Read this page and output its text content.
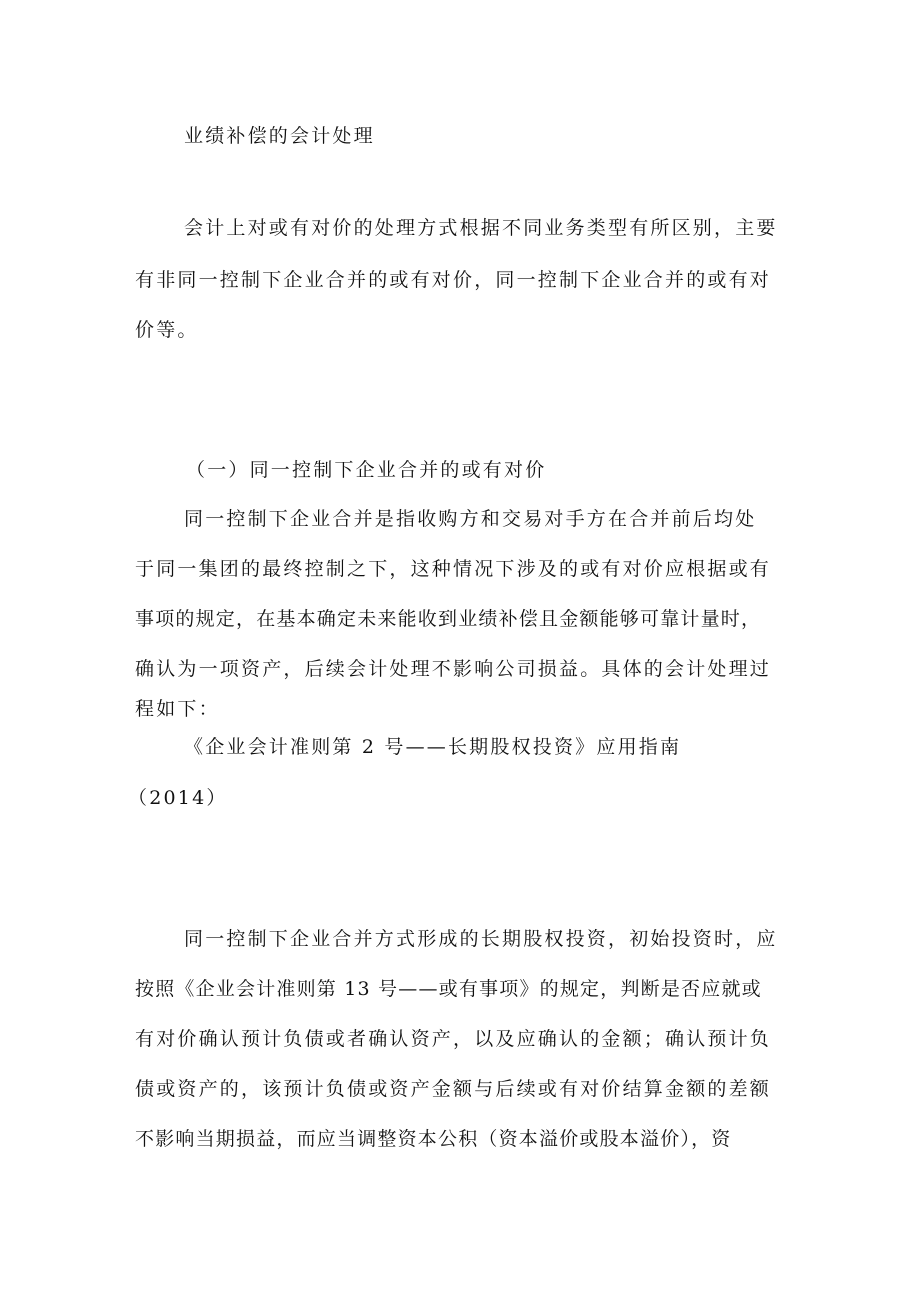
业绩补偿的会计处理

会计上对或有对价的处理方式根据不同业务类型有所区别，主要

有非同一控制下企业合并的或有对价，同一控制下企业合并的或有对

价等。

（一）同一控制下企业合并的或有对价

同一控制下企业合并是指收购方和交易对手方在合并前后均处

于同一集团的最终控制之下，这种情况下涉及的或有对价应根据或有

事项的规定，在基本确定未来能收到业绩补偿且金额能够可靠计量时，

确认为一项资产，后续会计处理不影响公司损益。具体的会计处理过

程如下：

《企业会计准则第 2 号——长期股权投资》应用指南

（2014）

同一控制下企业合并方式形成的长期股权投资，初始投资时，应

按照《企业会计准则第 13 号——或有事项》的规定，判断是否应就或

有对价确认预计负债或者确认资产，以及应确认的金额；确认预计负

债或资产的，该预计负债或资产金额与后续或有对价结算金额的差额

不影响当期损益，而应当调整资本公积（资本溢价或股本溢价），资
